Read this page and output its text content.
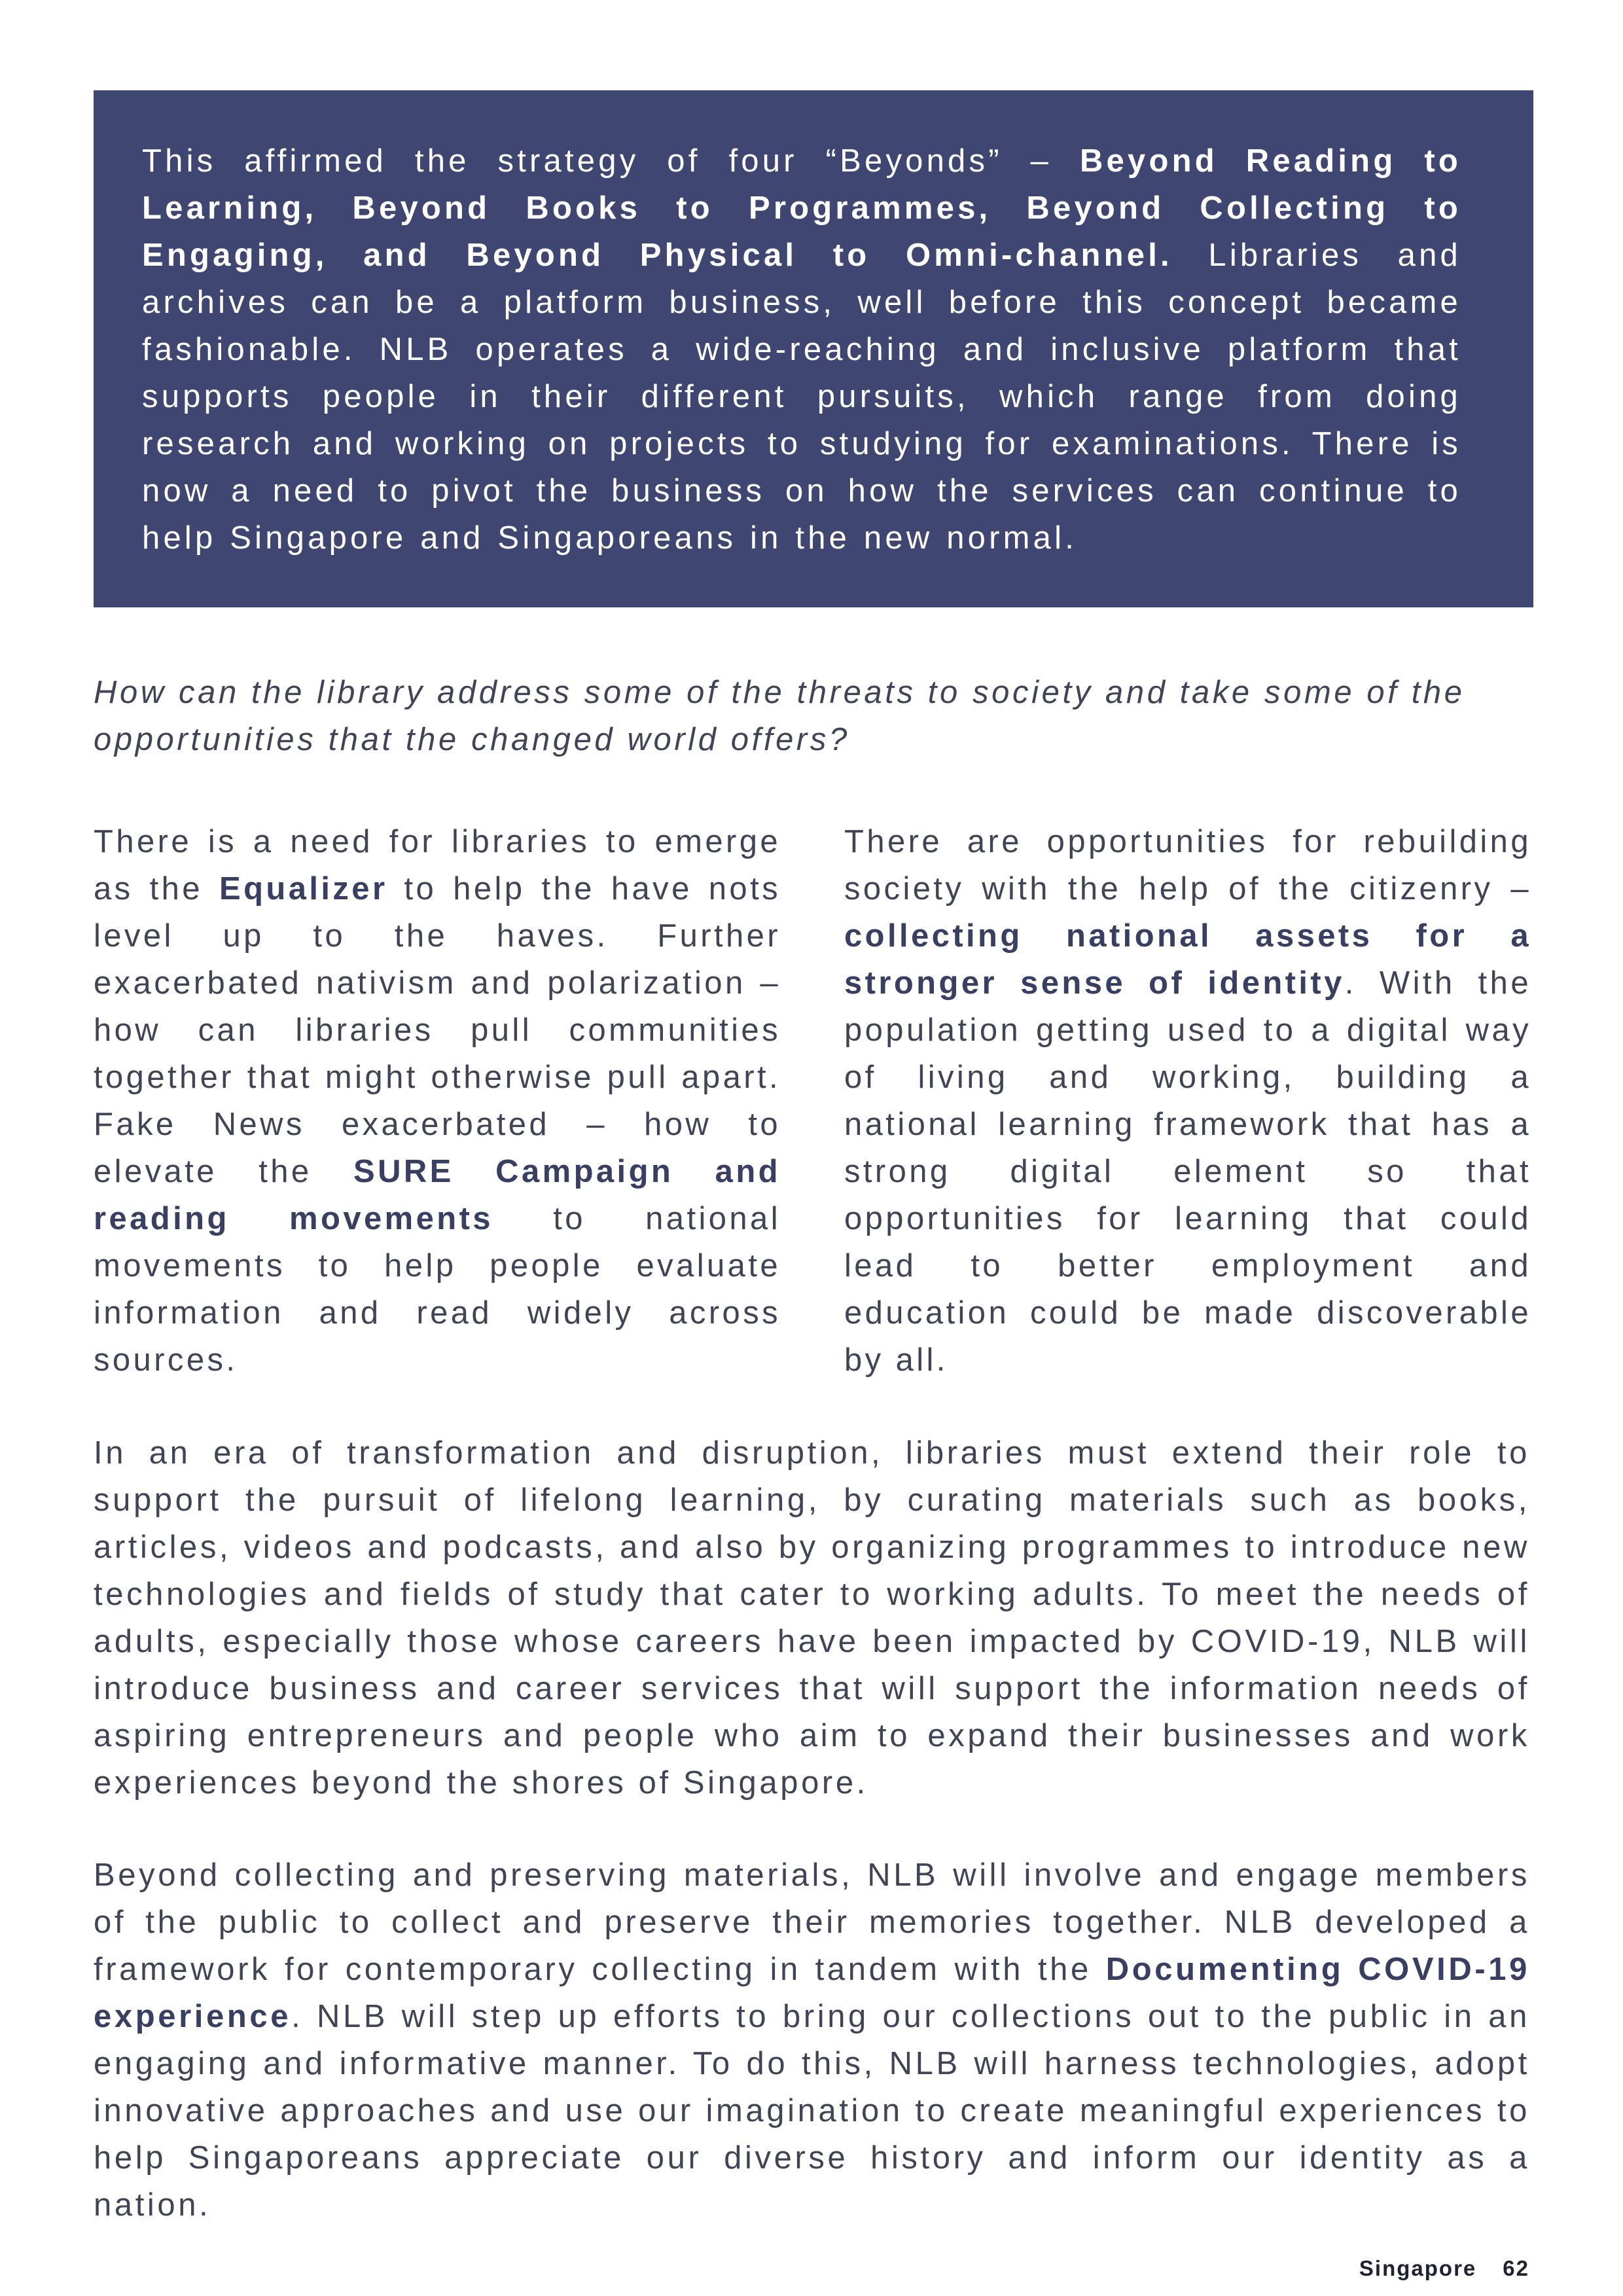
This affirmed the strategy of four “Beyonds” – Beyond Reading to Learning, Beyond Books to Programmes, Beyond Collecting to Engaging, and Beyond Physical to Omni-channel. Libraries and archives can be a platform business, well before this concept became fashionable. NLB operates a wide-reaching and inclusive platform that supports people in their different pursuits, which range from doing research and working on projects to studying for examinations. There is now a need to pivot the business on how the services can continue to help Singapore and Singaporeans in the new normal.

How can the library address some of the threats to society and take some of the opportunities that the changed world offers?

There is a need for libraries to emerge as the Equalizer to help the have nots level up to the haves. Further exacerbated nativism and polarization – how can libraries pull communities together that might otherwise pull apart. Fake News exacerbated – how to elevate the SURE Campaign and reading movements to national movements to help people evaluate information and read widely across sources.

There are opportunities for rebuilding society with the help of the citizenry – collecting national assets for a stronger sense of identity. With the population getting used to a digital way of living and working, building a national learning framework that has a strong digital element so that opportunities for learning that could lead to better employment and education could be made discoverable by all.

In an era of transformation and disruption, libraries must extend their role to support the pursuit of lifelong learning, by curating materials such as books, articles, videos and podcasts, and also by organizing programmes to introduce new technologies and fields of study that cater to working adults. To meet the needs of adults, especially those whose careers have been impacted by COVID-19, NLB will introduce business and career services that will support the information needs of aspiring entrepreneurs and people who aim to expand their businesses and work experiences beyond the shores of Singapore.

Beyond collecting and preserving materials, NLB will involve and engage members of the public to collect and preserve their memories together. NLB developed a framework for contemporary collecting in tandem with the Documenting COVID-19 experience. NLB will step up efforts to bring our collections out to the public in an engaging and informative manner. To do this, NLB will harness technologies, adopt innovative approaches and use our imagination to create meaningful experiences to help Singaporeans appreciate our diverse history and inform our identity as a nation.

Singapore 62
